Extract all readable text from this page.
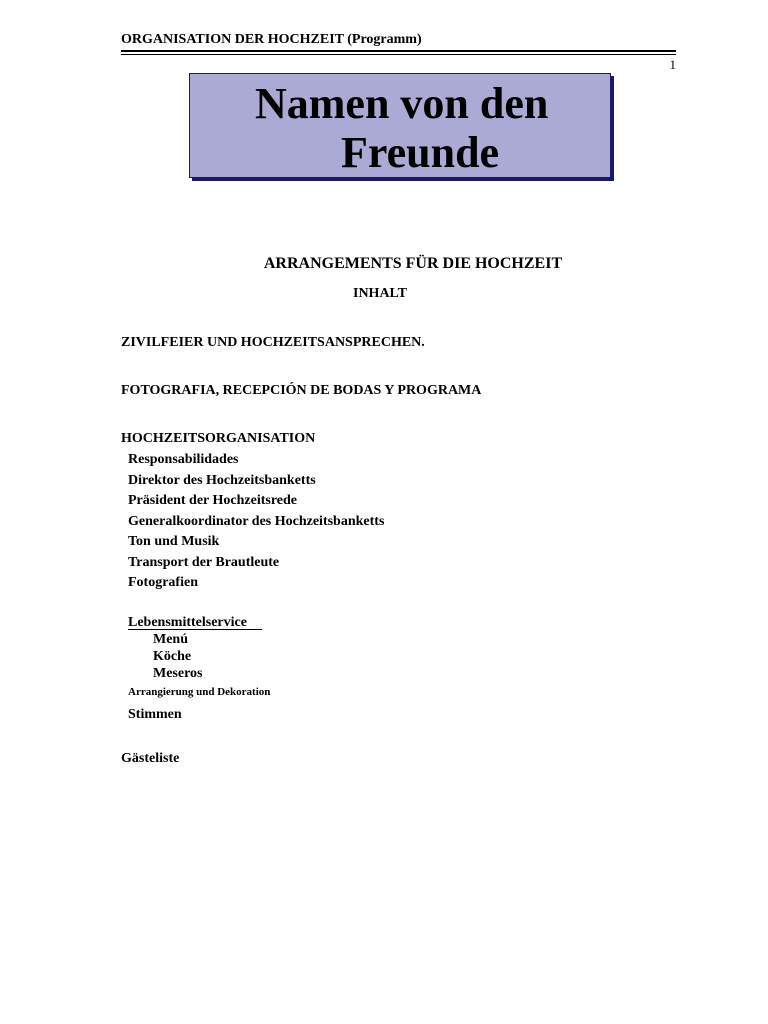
ORGANISATION DER HOCHZEIT (Programm)
1
Namen von den
Freunde
ARRANGEMENTS FÜR DIE HOCHZEIT
INHALT
ZIVILFEIER UND HOCHZEITSANSPRECHEN.
FOTOGRAFIA, RECEPCIÓN DE BODAS Y PROGRAMA
HOCHZEITSORGANISATION
Responsabilidades
Direktor des Hochzeitsbanketts
Präsident der Hochzeitsrede
Generalkoordinator des Hochzeitsbanketts
Ton und Musik
Transport der Brautleute
Fotografien
Lebensmittelservice
Menú
Köche
Meseros
Arrangierung und Dekoration
Stimmen
Gästeliste
